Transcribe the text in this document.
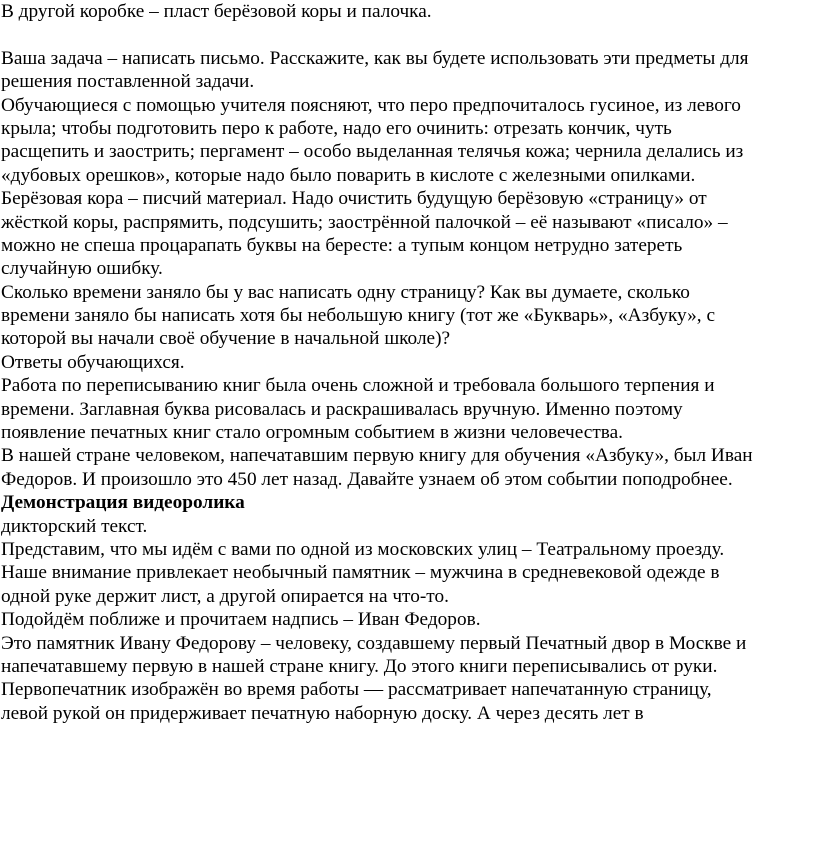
В другой коробке – пласт берёзовой коры и палочка.
Ваша задача – написать письмо. Расскажите, как вы будете использовать эти предметы для
решения поставленной задачи.
Обучающиеся с помощью учителя поясняют, что перо предпочиталось гусиное, из левого
крыла; чтобы подготовить перо к работе, надо его очинить: отрезать кончик, чуть
расщепить и заострить; пергамент – особо выделанная телячья кожа; чернила делались из
«дубовых орешков», которые надо было поварить в кислоте с железными опилками.
Берёзовая кора – писчий материал. Надо очистить будущую берёзовую «страницу» от
жёсткой коры, распрямить, подсушить; заострённой палочкой – её называют «писало» –
можно не спеша процарапать буквы на бересте: а тупым концом нетрудно затереть
случайную ошибку.
Сколько времени заняло бы у вас написать одну страницу? Как вы думаете, сколько
времени заняло бы написать хотя бы небольшую книгу (тот же «Букварь», «Азбуку», с
которой вы начали своё обучение в начальной школе)?
Ответы обучающихся.
Работа по переписыванию книг была очень сложной и требовала большого терпения и
времени. Заглавная буква рисовалась и раскрашивалась вручную. Именно поэтому
появление печатных книг стало огромным событием в жизни человечества.
В нашей стране человеком, напечатавшим первую книгу для обучения «Азбуку», был Иван
Федоров. И произошло это 450 лет назад. Давайте узнаем об этом событии поподробнее.
Демонстрация видеоролика
дикторский текст.
Представим, что мы идём с вами по одной из московских улиц – Театральному проезду.
Наше внимание привлекает необычный памятник – мужчина в средневековой одежде в
одной руке держит лист, а другой опирается на что-то.
Подойдём поближе и прочитаем надпись – Иван Федоров.
Это памятник Ивану Федорову – человеку, создавшему первый Печатный двор в Москве и
напечатавшему первую в нашей стране книгу. До этого книги переписывались от руки.
Первопечатник изображён во время работы — рассматривает напечатанную страницу,
левой рукой он придерживает печатную наборную доску. А через десять лет в
